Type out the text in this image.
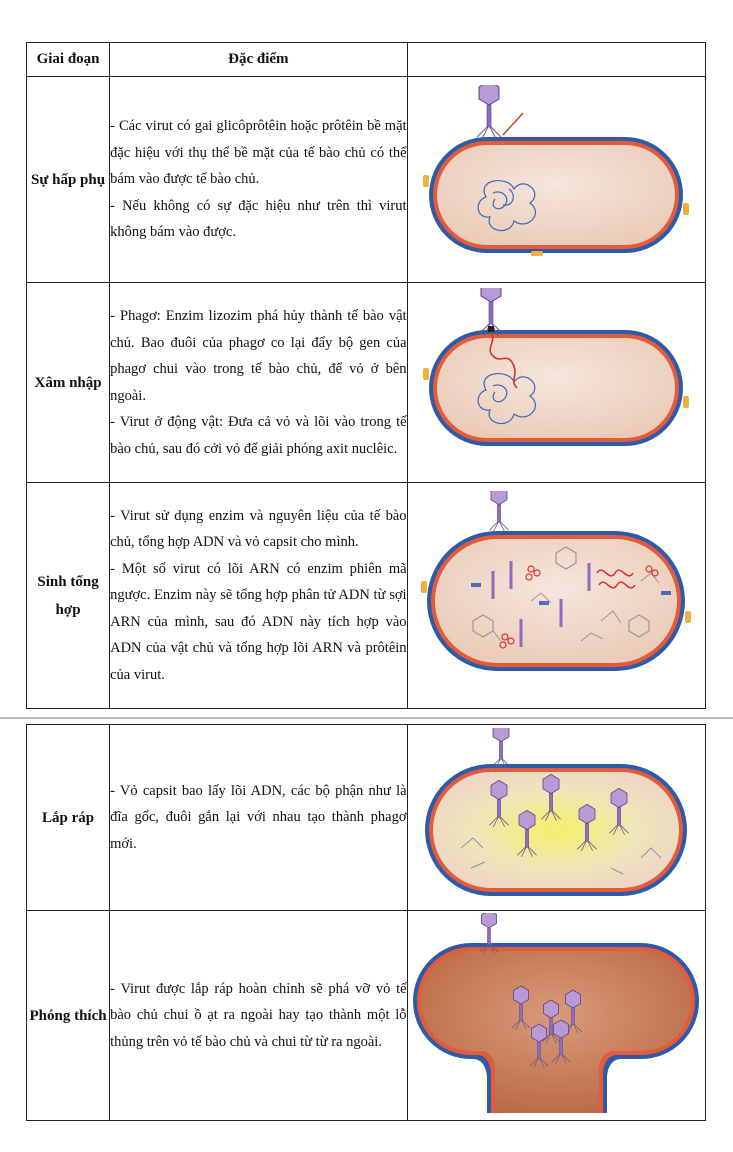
Giai đoạn	Đặc điểm	
Sự hấp phụ	- Các virut có gai glicôprôtêin hoặc prôtêin bề mặt đặc hiệu với thụ thể bề mặt của tế bào chủ có thể bám vào được tế bào chủ.

- Nếu không có sự đặc hiệu như trên thì virut không bám vào được.

Xâm nhập	- Phagơ: Enzim lizozim phá hủy thành tế bào vật chủ. Bao đuôi của phagơ co lại đẩy bộ gen của phagơ chui vào trong tế bào chủ, để vỏ ở bên ngoài.

- Virut ở động vật: Đưa cả vỏ và lõi vào trong tế bào chủ, sau đó cởi vỏ để giải phóng axit nuclêic.

Sinh tổng hợp	- Virut sử dụng enzim và nguyên liệu của tế bào chủ, tổng hợp ADN và vỏ capsit cho mình.

- Một số virut có lõi ARN có enzim phiên mã ngược. Enzim này sẽ tổng hợp phân tử ADN từ sợi ARN của mình, sau đó ADN này tích hợp vào ADN của vật chủ và tổng hợp lõi ARN và prôtêin của virut.

Lắp ráp	- Vỏ capsit bao lấy lõi ADN, các bộ phận như là đĩa gốc, đuôi gắn lại với nhau tạo thành phagơ mới.

Phóng thích	- Virut được lắp ráp hoàn chỉnh sẽ phá vỡ vỏ tế bào chủ chui ồ ạt ra ngoài hay tạo thành một lỗ thủng trên vỏ tế bào chủ và chui từ từ ra ngoài.
